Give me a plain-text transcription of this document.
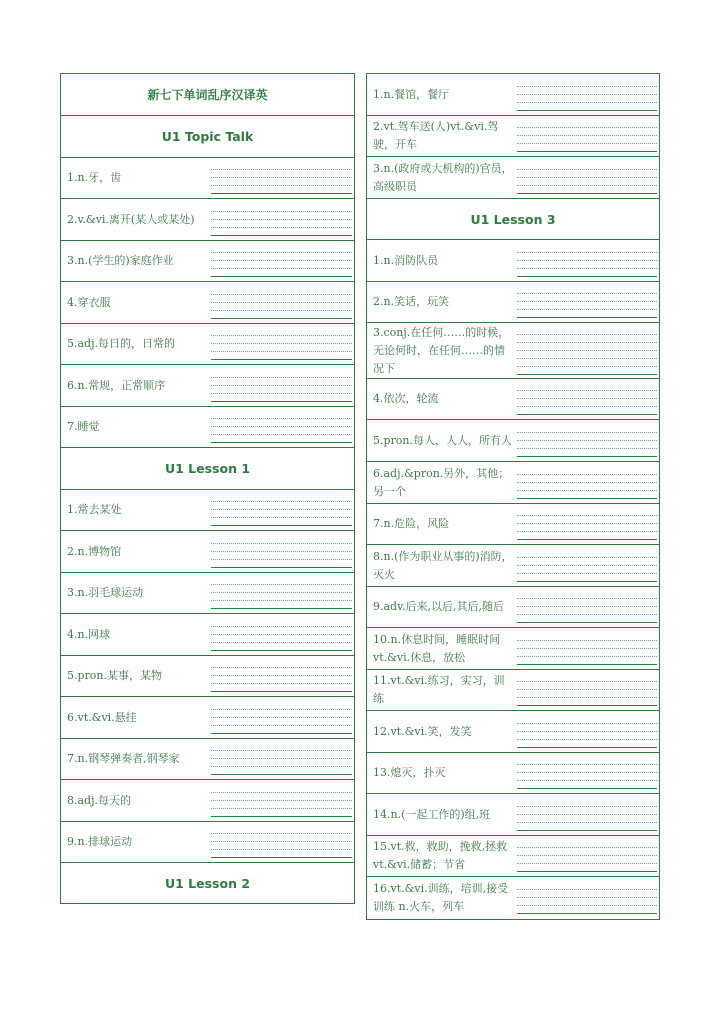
新七下单词乱序汉译英
U1 Topic Talk
1.n.牙，齿
2.v.&vi.离开(某人或某处)
3.n.(学生的)家庭作业
4.穿衣服
5.adj.每日的，日常的
6.n.常规，正常顺序
7.睡觉
U1 Lesson 1
1.常去某处
2.n.博物馆
3.n.羽毛球运动
4.n.网球
5.pron.某事，某物
6.vt.&vi.悬挂
7.n.钢琴弹奏者,钢琴家
8.adj.每天的
9.n.排球运动
U1 Lesson 2
1.n.餐馆，餐厅
2.vt.驾车送(人)vt.&vi.驾驶，开车
3.n.(政府或大机构的)官员，高级职员
U1 Lesson 3
1.n.消防队员
2.n.笑话，玩笑
3.conj.在任何……的时候，无论何时，在任何……的情况下
4.依次，轮流
5.pron.每人，人人，所有人
6.adj.&pron.另外，其他；另一个
7.n.危险，风险
8.n.(作为职业从事的)消防，灭火
9.adv.后来,以后,其后,随后
10.n.休息时间，睡眠时间 vt.&vi.休息，放松
11.vt.&vi.练习，实习，训练
12.vt.&vi.笑，发笑
13.熄灭，扑灭
14.n.(一起工作的)组,班
15.vt.救，救助，挽救,拯救 vt.&vi.储蓄；节省
16.vt.&vi.训练，培训,接受训练 n.火车，列车
